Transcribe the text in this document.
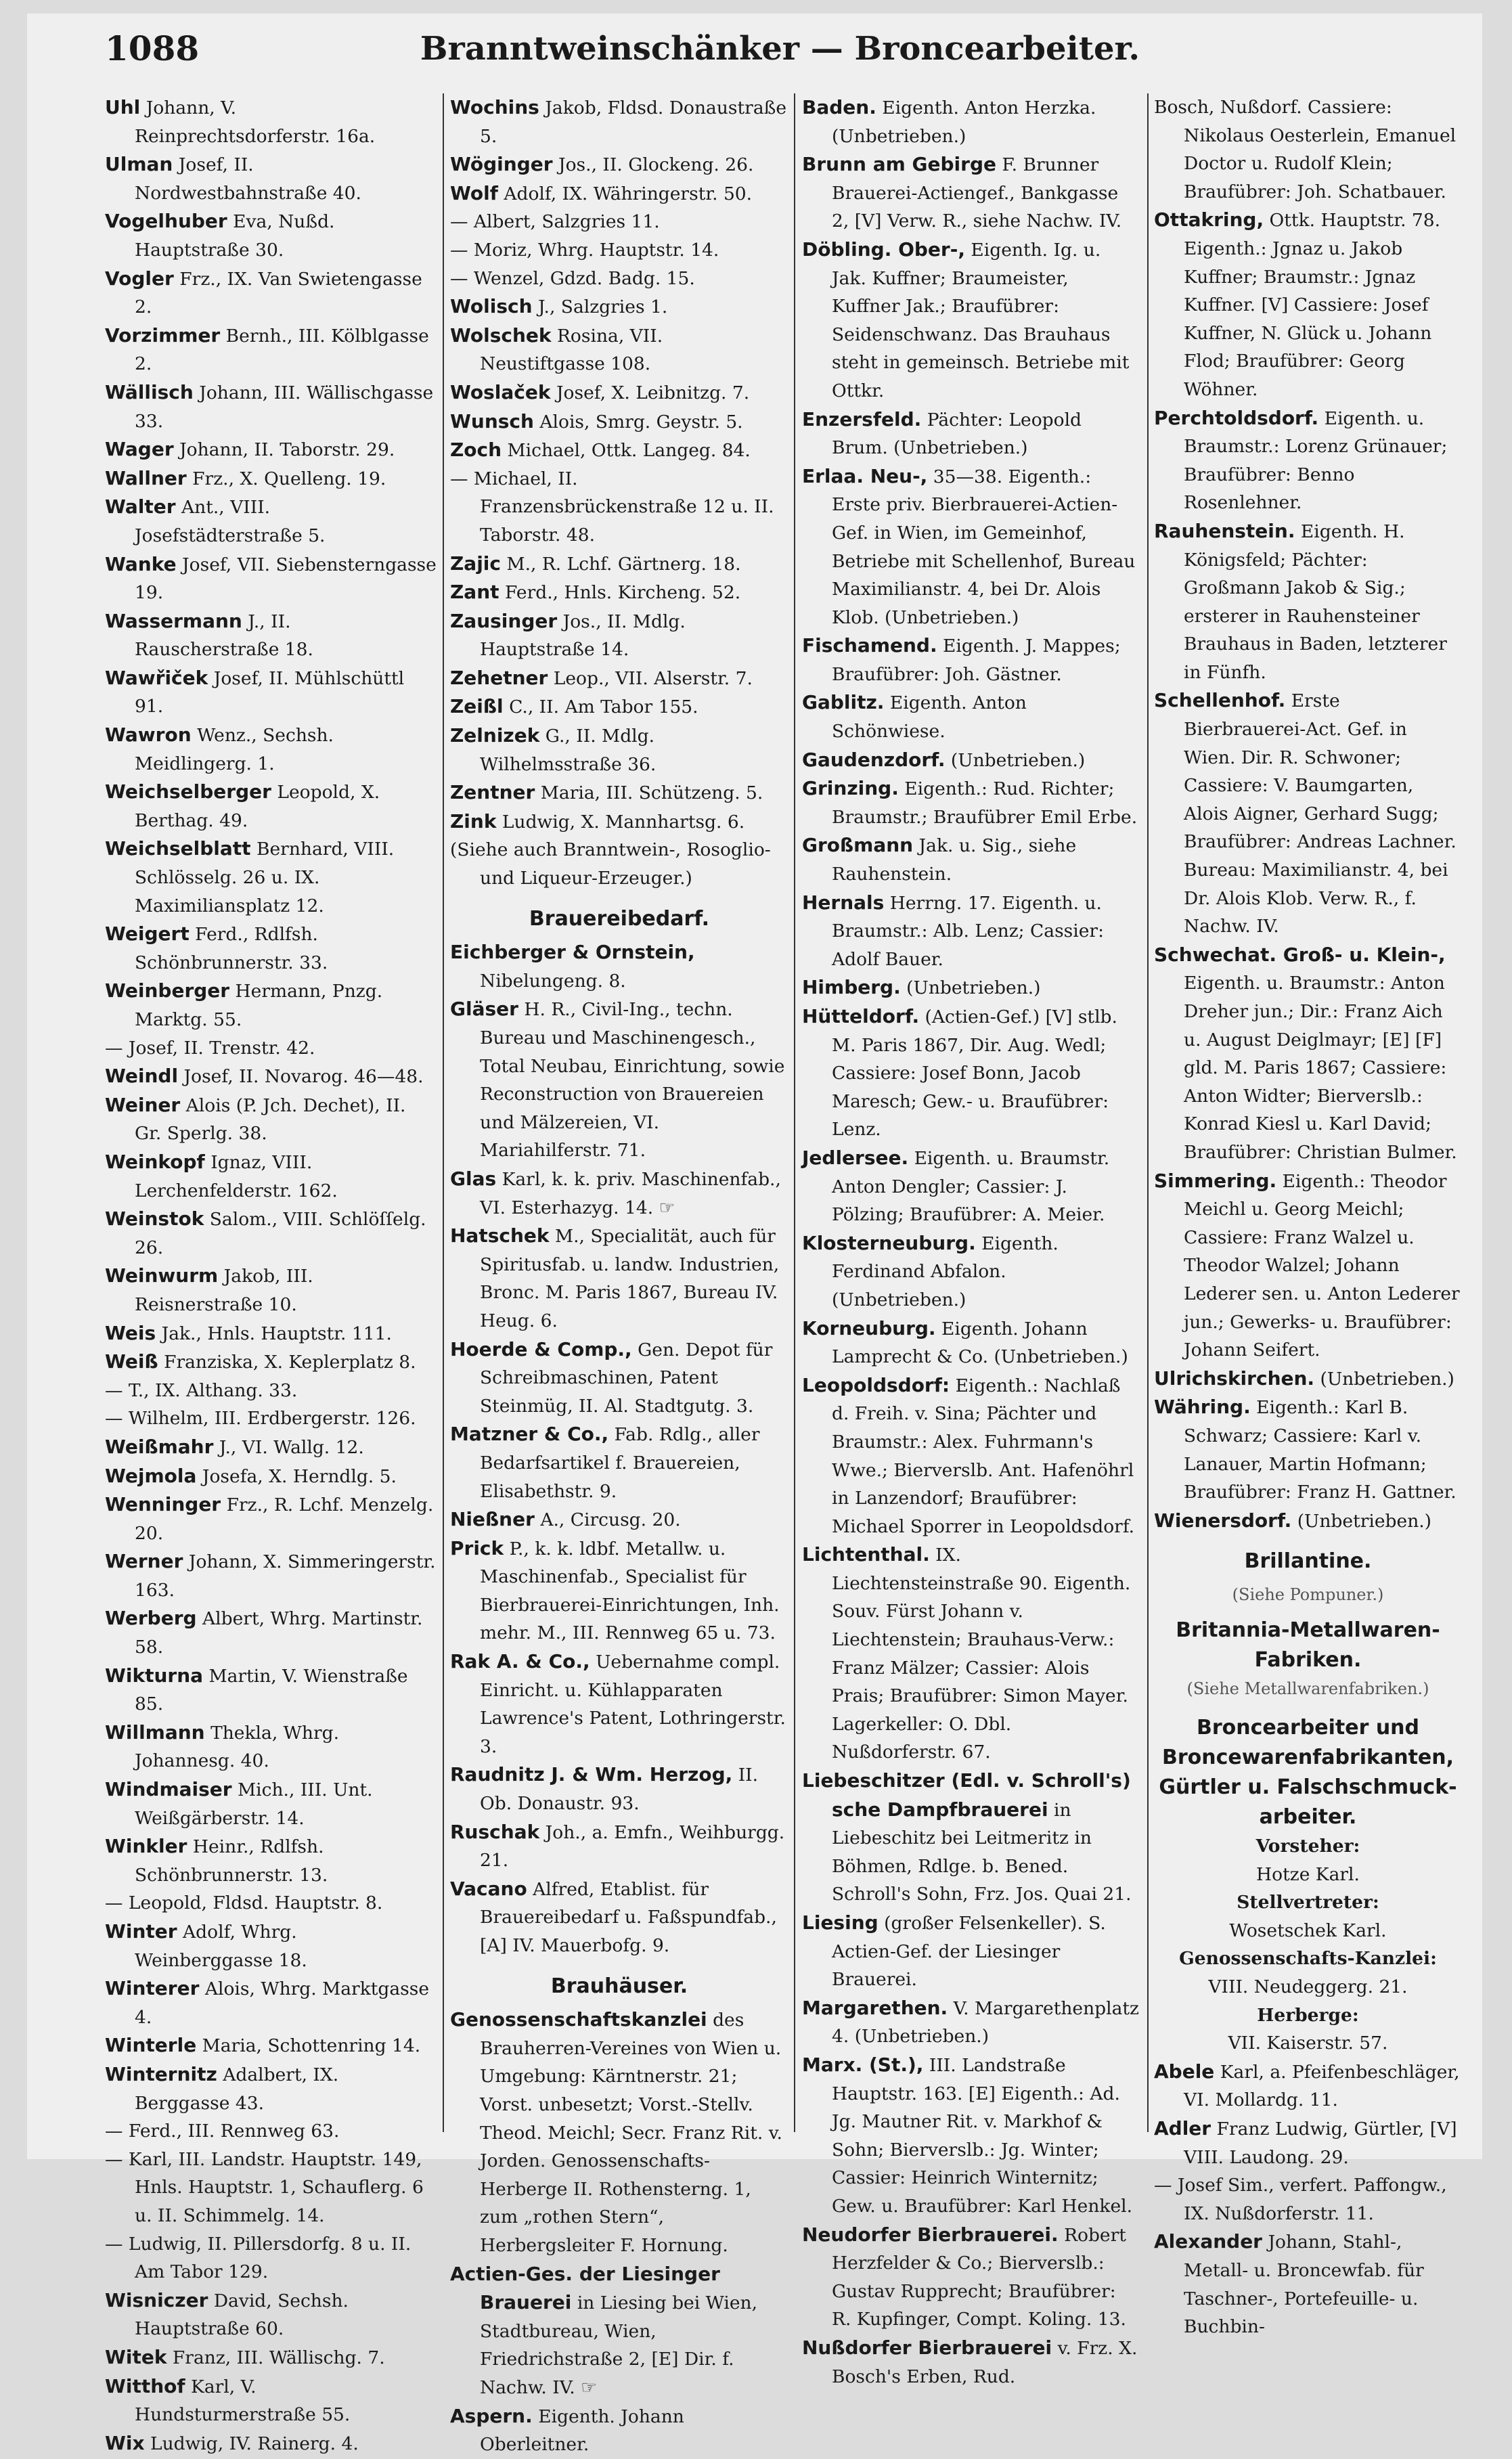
1088	Branntweinschänker — Broncearbeiter.

Uhl Johann, V. Reinprechtsdorferstr. 16a.

Ulman Josef, II. Nordwestbahnstraße 40.

Vogelhuber Eva, Nußd. Hauptstraße 30.

Vogler Frz., IX. Van Swietengasse 2.

Vorzimmer Bernh., III. Kölblgasse 2.

Wällisch Johann, III. Wällischgasse 33.

Wager Johann, II. Taborstr. 29.

Wallner Frz., X. Quelleng. 19.

Walter Ant., VIII. Josefstädterstraße 5.

Wanke Josef, VII. Siebensterngasse 19.

Wassermann J., II. Rauscherstraße 18.

Wawřiček Josef, II. Mühlschüttl 91.

Wawron Wenz., Sechsh. Meidlingerg. 1.

Weichselberger Leopold, X. Berthag. 49.

Weichselblatt Bernhard, VIII. Schlösselg. 26 u. IX. Maximiliansplatz 12.

Weigert Ferd., Rdlfsh. Schönbrunnerstr. 33.

Weinberger Hermann, Pnzg. Marktg. 55.

— Josef, II. Trenstr. 42.

Weindl Josef, II. Novarog. 46—48.

Weiner Alois (P. Jch. Dechet), II. Gr. Sperlg. 38.

Weinkopf Ignaz, VIII. Lerchenfelderstr. 162.

Weinstok Salom., VIII. Schlöſſelg. 26.

Weinwurm Jakob, III. Reisnerstraße 10.

Weis Jak., Hnls. Hauptstr. 111.

Weiß Franziska, X. Keplerplatz 8.

— T., IX. Althang. 33.

— Wilhelm, III. Erdbergerstr. 126.

Weißmahr J., VI. Wallg. 12.

Wejmola Josefa, X. Herndlg. 5.

Wenninger Frz., R. Lchf. Menzelg. 20.

Werner Johann, X. Simmeringerstr. 163.

Werberg Albert, Whrg. Martinstr. 58.

Wikturna Martin, V. Wienstraße 85.

Willmann Thekla, Whrg. Johannesg. 40.

Windmaiser Mich., III. Unt. Weißgärberstr. 14.

Winkler Heinr., Rdlfsh. Schönbrunnerstr. 13.

— Leopold, Fldsd. Hauptstr. 8.

Winter Adolf, Whrg. Weinberggasse 18.

Winterer Alois, Whrg. Marktgasse 4.

Winterle Maria, Schottenring 14.

Winternitz Adalbert, IX. Berggasse 43.

— Ferd., III. Rennweg 63.

— Karl, III. Landstr. Hauptstr. 149, Hnls. Hauptstr. 1, Schauflerg. 6 u. II. Schimmelg. 14.

— Ludwig, II. Pillersdorfg. 8 u. II. Am Tabor 129.

Wisniczer David, Sechsh. Hauptstraße 60.

Witek Franz, III. Wällischg. 7.

Witthof Karl, V. Hundsturmerstraße 55.

Wix Ludwig, IV. Rainerg. 4.

Wochins Jakob, Fldsd. Donaustraße 5.

Wöginger Jos., II. Glockeng. 26.

Wolf Adolf, IX. Währingerstr. 50.

— Albert, Salzgries 11.

— Moriz, Whrg. Hauptstr. 14.

— Wenzel, Gdzd. Badg. 15.

Wolisch J., Salzgries 1.

Wolschek Rosina, VII. Neustiftgasse 108.

Woslaček Josef, X. Leibnitzg. 7.

Wunsch Alois, Smrg. Geystr. 5.

Zoch Michael, Ottk. Langeg. 84.

— Michael, II. Franzensbrückenstraße 12 u. II. Taborstr. 48.

Zajic M., R. Lchf. Gärtnerg. 18.

Zant Ferd., Hnls. Kircheng. 52.

Zausinger Jos., II. Mdlg. Hauptstraße 14.

Zehetner Leop., VII. Alserstr. 7.

Zeißl C., II. Am Tabor 155.

Zelnizek G., II. Mdlg. Wilhelmsstraße 36.

Zentner Maria, III. Schützeng. 5.

Zink Ludwig, X. Mannhartsg. 6.

(Siehe auch Branntwein-, Rosoglio- und Liqueur-Erzeuger.)

Brauereibedarf.

Eichberger & Ornstein, Nibelungeng. 8.

Gläser H. R., Civil-Ing., techn. Bureau und Maschinengesch., Total Neubau, Einrichtung, sowie Reconstruction von Brauereien und Mälzereien, VI. Mariahilferstr. 71.

Glas Karl, k. k. priv. Maschinenfab., VI. Esterhazyg. 14. ☞

Hatschek M., Specialität, auch für Spiritusfab. u. landw. Industrien, Bronc. M. Paris 1867, Bureau IV. Heug. 6.

Hoerde & Comp., Gen. Depot für Schreibmaschinen, Patent Steinmüg, II. Al. Stadtgutg. 3.

Matzner & Co., Fab. Rdlg., aller Bedarfsartikel f. Brauereien, Elisabethstr. 9.

Nießner A., Circusg. 20.

Prick P., k. k. ldbf. Metallw. u. Maschinenfab., Specialist für Bierbrauerei-Einrichtungen, Inh. mehr. M., III. Rennweg 65 u. 73.

Rak A. & Co., Uebernahme compl. Einricht. u. Kühlapparaten Lawrence's Patent, Lothringerstr. 3.

Raudnitz J. & Wm. Herzog, II. Ob. Donaustr. 93.

Ruschak Joh., a. Emfn., Weihburgg. 21.

Vacano Alfred, Etablist. für Brauereibedarf u. Faßspundfab., [A] IV. Mauerbofg. 9.

Brauhäuser.

Genossenschaftskanzlei des Brauherren-Vereines von Wien u. Umgebung: Kärntnerstr. 21; Vorst. unbesetzt; Vorst.-Stellv. Theod. Meichl; Secr. Franz Rit. v. Jorden. Genossenschafts-Herberge II. Rothensterng. 1, zum „rothen Stern“, Herbergsleiter F. Hornung.

Actien-Ges. der Liesinger Brauerei in Liesing bei Wien, Stadtbureau, Wien, Friedrichstraße 2, [E] Dir. f. Nachw. IV. ☞

Aspern. Eigenth. Johann Oberleitner.

Baden. Eigenth. Anton Herzka. (Unbetrieben.)

Brunn am Gebirge F. Brunner Brauerei-Actiengef., Bankgasse 2, [V] Verw. R., siehe Nachw. IV.

Döbling. Ober-, Eigenth. Ig. u. Jak. Kuffner; Braumeister, Kuffner Jak.; Braufübrer: Seidenschwanz. Das Brauhaus steht in gemeinsch. Betriebe mit Ottkr.

Enzersfeld. Pächter: Leopold Brum. (Unbetrieben.)

Erlaa. Neu-, 35—38. Eigenth.: Erste priv. Bierbrauerei-Actien-Gef. in Wien, im Gemeinhof, Betriebe mit Schellenhof, Bureau Maximilianstr. 4, bei Dr. Alois Klob. (Unbetrieben.)

Fischamend. Eigenth. J. Mappes; Braufübrer: Joh. Gästner.

Gablitz. Eigenth. Anton Schönwiese.

Gaudenzdorf. (Unbetrieben.)

Grinzing. Eigenth.: Rud. Richter; Braumstr.; Braufübrer Emil Erbe.

Großmann Jak. u. Sig., siehe Rauhenstein.

Hernals Herrng. 17. Eigenth. u. Braumstr.: Alb. Lenz; Cassier: Adolf Bauer.

Himberg. (Unbetrieben.)

Hütteldorf. (Actien-Gef.) [V] stlb. M. Paris 1867, Dir. Aug. Wedl; Cassiere: Josef Bonn, Jacob Maresch; Gew.- u. Braufübrer: Lenz.

Jedlersee. Eigenth. u. Braumstr. Anton Dengler; Cassier: J. Pölzing; Braufübrer: A. Meier.

Klosterneuburg. Eigenth. Ferdinand Abfalon. (Unbetrieben.)

Korneuburg. Eigenth. Johann Lamprecht & Co. (Unbetrieben.)

Leopoldsdorf: Eigenth.: Nachlaß d. Freih. v. Sina; Pächter und Braumstr.: Alex. Fuhrmann's Wwe.; Bierverslb. Ant. Hafenöhrl in Lanzendorf; Braufübrer: Michael Sporrer in Leopoldsdorf.

Lichtenthal. IX. Liechtensteinstraße 90. Eigenth. Souv. Fürst Johann v. Liechtenstein; Brauhaus-Verw.: Franz Mälzer; Cassier: Alois Prais; Braufübrer: Simon Mayer. Lagerkeller: O. Dbl. Nußdorferstr. 67.

Liebeschitzer (Edl. v. Schroll's) sche Dampfbrauerei in Liebeschitz bei Leitmeritz in Böhmen, Rdlge. b. Bened. Schroll's Sohn, Frz. Jos. Quai 21.

Liesing (großer Felsenkeller). S. Actien-Gef. der Liesinger Brauerei.

Margarethen. V. Margarethenplatz 4. (Unbetrieben.)

Marx. (St.), III. Landstraße Hauptstr. 163. [E] Eigenth.: Ad. Jg. Mautner Rit. v. Markhof & Sohn; Bierverslb.: Jg. Winter; Cassier: Heinrich Winternitz; Gew. u. Braufübrer: Karl Henkel.

Neudorfer Bierbrauerei. Robert Herzfelder & Co.; Bierverslb.: Gustav Rupprecht; Braufübrer: R. Kupfinger, Compt. Koling. 13.

Nußdorfer Bierbrauerei v. Frz. X. Bosch's Erben, Rud.

Bosch, Nußdorf. Cassiere: Nikolaus Oesterlein, Emanuel Doctor u. Rudolf Klein; Braufübrer: Joh. Schatbauer.

Ottakring, Ottk. Hauptstr. 78. Eigenth.: Jgnaz u. Jakob Kuffner; Braumstr.: Jgnaz Kuffner. [V] Cassiere: Josef Kuffner, N. Glück u. Johann Flod; Braufübrer: Georg Wöhner.

Perchtoldsdorf. Eigenth. u. Braumstr.: Lorenz Grünauer; Braufübrer: Benno Rosenlehner.

Rauhenstein. Eigenth. H. Königsfeld; Pächter: Großmann Jakob & Sig.; ersterer in Rauhensteiner Brauhaus in Baden, letzterer in Fünfh.

Schellenhof. Erste Bierbrauerei-Act. Gef. in Wien. Dir. R. Schwoner; Cassiere: V. Baumgarten, Alois Aigner, Gerhard Sugg; Braufübrer: Andreas Lachner. Bureau: Maximilianstr. 4, bei Dr. Alois Klob. Verw. R., f. Nachw. IV.

Schwechat. Groß- u. Klein-, Eigenth. u. Braumstr.: Anton Dreher jun.; Dir.: Franz Aich u. August Deiglmayr; [E] [F] gld. M. Paris 1867; Cassiere: Anton Widter; Bierverslb.: Konrad Kiesl u. Karl David; Braufübrer: Christian Bulmer.

Simmering. Eigenth.: Theodor Meichl u. Georg Meichl; Cassiere: Franz Walzel u. Theodor Walzel; Johann Lederer sen. u. Anton Lederer jun.; Gewerks- u. Braufübrer: Johann Seifert.

Ulrichskirchen. (Unbetrieben.)

Währing. Eigenth.: Karl B. Schwarz; Cassiere: Karl v. Lanauer, Martin Hofmann; Braufübrer: Franz H. Gattner.

Wienersdorf. (Unbetrieben.)

Brillantine.
(Siehe Pompuner.)
Britannia-Metallwaren-
Fabriken.
(Siehe Metallwarenfabriken.)
Broncearbeiter und
Broncewarenfabrikanten,
Gürtler u. Falschschmuck-
arbeiter.
Vorsteher:
Hotze Karl.
Stellvertreter:
Wosetschek Karl.
Genossenschafts-Kanzlei:
VIII. Neudeggerg. 21.
Herberge:
VII. Kaiserstr. 57.

Abele Karl, a. Pfeifenbeschläger, VI. Mollardg. 11.

Adler Franz Ludwig, Gürtler, [V] VIII. Laudong. 29.

— Josef Sim., verfert. Paffongw., IX. Nußdorferstr. 11.

Alexander Johann, Stahl-, Metall- u. Broncewfab. für Taschner-, Portefeuille- u. Buchbin-
